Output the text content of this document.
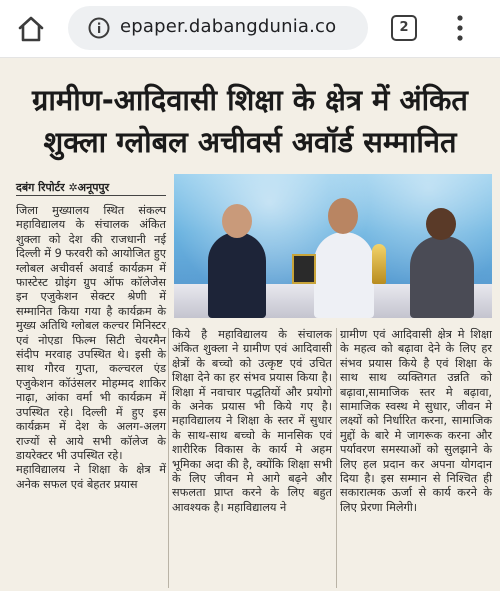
epaper.dabangdunia.co	2
ग्रामीण-आदिवासी शिक्षा के क्षेत्र में अंकित
शुक्ला ग्लोबल अचीवर्स अवॉर्ड सम्मानित
दबंग रिपोर्टर ✲अनूपपुर
जिला मुख्यालय स्थित संकल्प महाविद्यालय के संचालक अंकित शुक्ला को देश की राजधानी नई दिल्ली में 9 फरवरी को आयोजित हुए ग्लोबल अचीवर्स अवार्ड कार्यक्रम में फास्टेस्ट ग्रोइंग ग्रुप ऑफ कॉलेजेस इन एजुकेशन सेक्टर श्रेणी में सम्मानित किया गया है कार्यक्रम के मुख्य अतिथि ग्लोबल कल्चर मिनिस्टर एवं नोएडा फिल्म सिटी चेयरमैन संदीप मरवाह उपस्थित थे। इसी के साथ गौरव गुप्ता, कल्चरल एंड एजुकेशन कॉउंसलर मोहम्मद शाकिर नाढ़ा, आंका वर्मा भी कार्यक्रम में उपस्थित रहे। दिल्ली में हुए इस कार्यक्रम में देश के अलग-अलग राज्यों से आये सभी कॉलेज के डायरेक्टर भी उपस्थित रहे।
महाविद्यालय ने शिक्षा के क्षेत्र में अनेक सफल एवं बेहतर प्रयास
किये है महाविद्यालय के संचालक अंकित शुक्ला ने ग्रामीण एवं आदिवासी क्षेत्रों के बच्चो को उत्कृष्ट एवं उचित शिक्षा देने का हर संभव प्रयास किया है। शिक्षा में नवाचार पद्धतियों और प्रयोगो के अनेक प्रयास भी किये गए है। महाविद्यालय ने शिक्षा के स्तर में सुधार के साथ-साथ बच्चो के मानसिक एवं शारीरिक विकास के कार्य मे अहम भूमिका अदा की है, क्योंकि शिक्षा सभी के लिए जीवन मे आगे बढ़ने और सफलता प्राप्त करने के लिए बहुत आवश्यक है। महाविद्यालय ने
ग्रामीण एवं आदिवासी क्षेत्र मे शिक्षा के महत्व को बढ़ावा देने के लिए हर संभव प्रयास किये है एवं शिक्षा के साथ साथ व्यक्तिगत उन्नति को बढ़ावा,सामाजिक स्तर मे बढ़ावा, सामाजिक स्वस्थ मे सुधार, जीवन मे लक्ष्यों को निर्धारित करना, सामाजिक मुद्दों के बारे मे जागरूक करना और पर्यावरण समस्याओं को सुलझाने के लिए हल प्रदान कर अपना योगदान दिया है। इस सम्मान से निश्चित ही सकारात्मक ऊर्जा से कार्य करने के लिए प्रेरणा मिलेगी।
